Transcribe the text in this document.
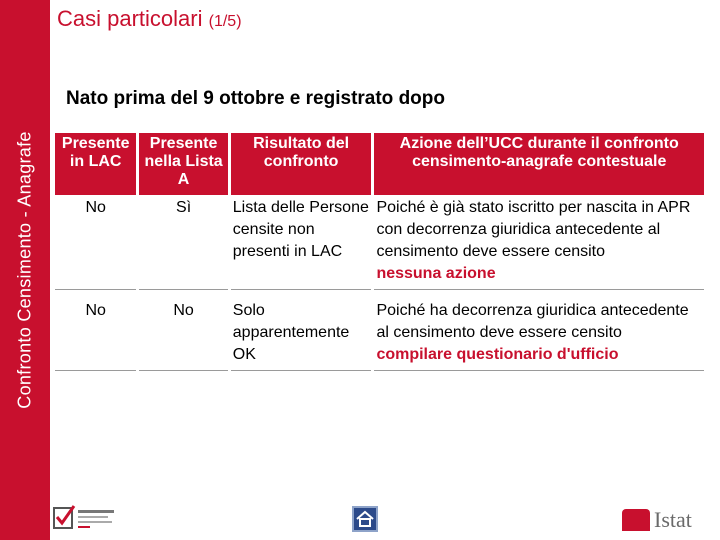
Confronto Censimento - Anagrafe
Casi particolari (1/5)
Nato prima del 9 ottobre e registrato dopo
Presente in LAC	Presente nella Lista A	Risultato del confronto	Azione dell’UCC durante il confronto censimento-anagrafe contestuale
No	Sì	Lista delle Persone censite non presenti in LAC	Poiché è già stato iscritto per nascita in APR con decorrenza giuridica antecedente al censimento deve essere censito
nessuna azione

No	No	Solo apparentemente OK	Poiché ha decorrenza giuridica antecedente al censimento deve essere censito
compilare questionario d'ufficio
Istat
